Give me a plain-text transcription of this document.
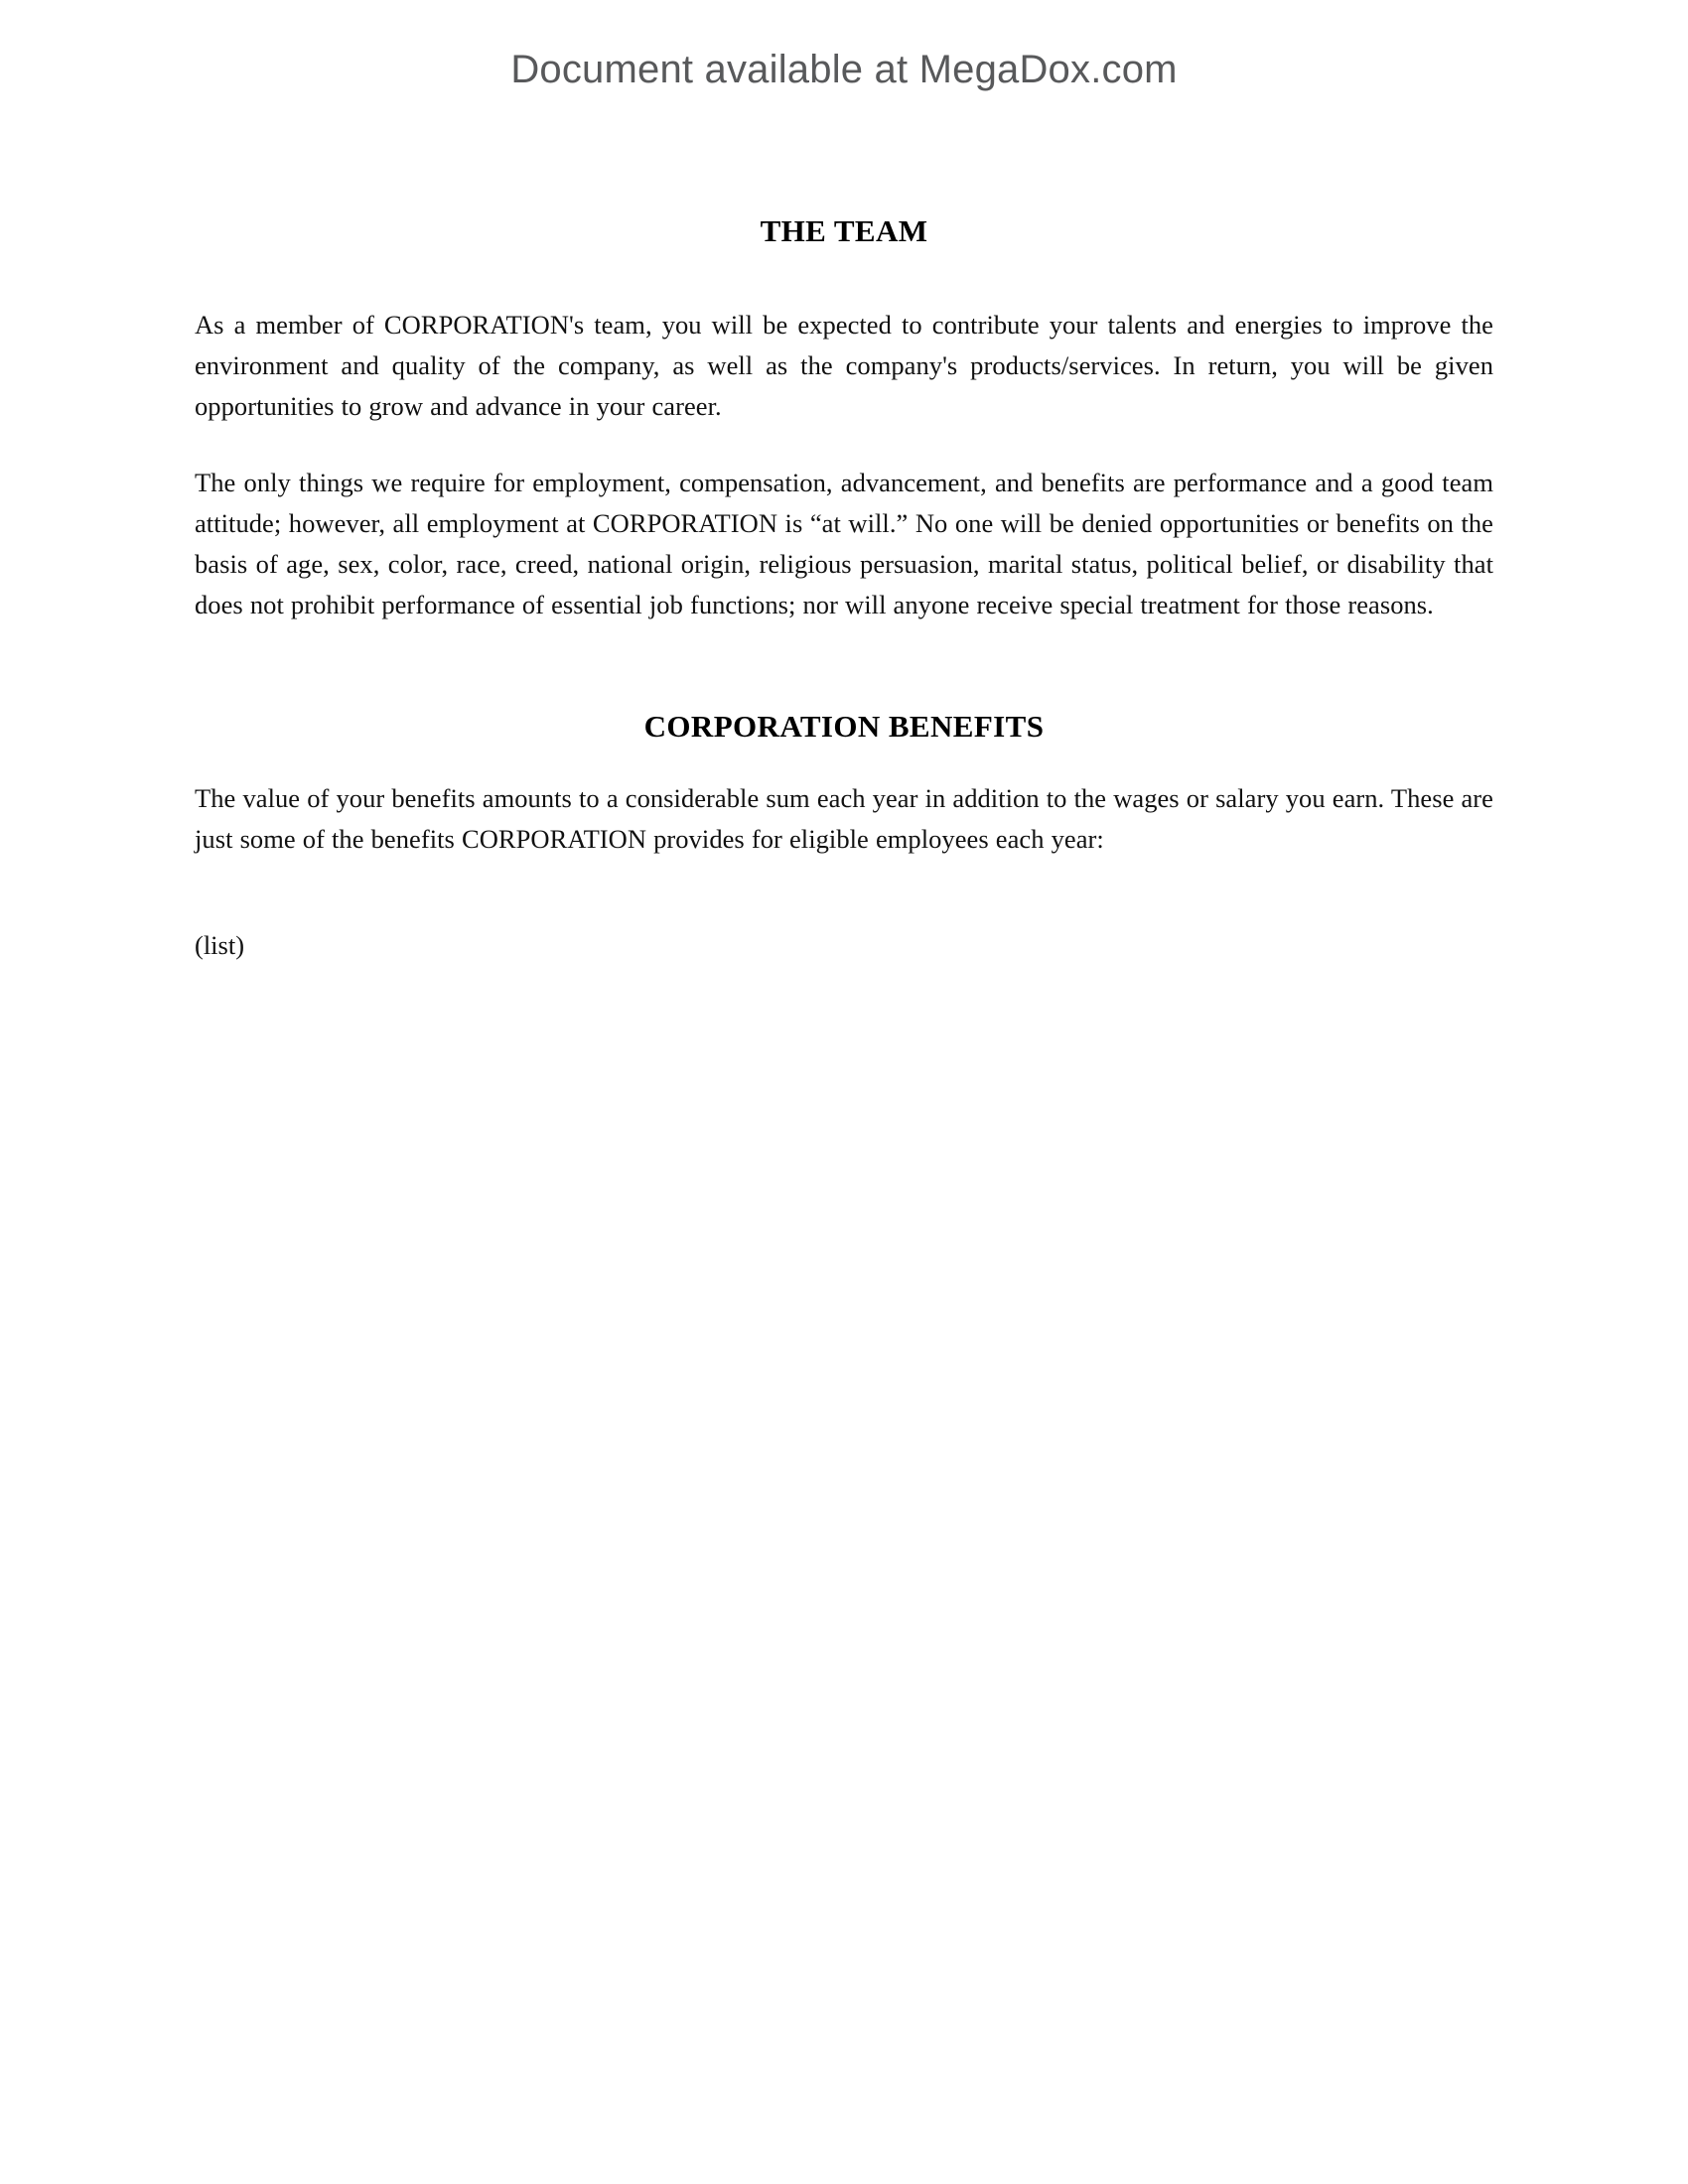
Document available at MegaDox.com
THE TEAM

As a member of CORPORATION's team, you will be expected to contribute your talents and energies to improve the environment and quality of the company, as well as the company's products/services. In return, you will be given opportunities to grow and advance in your career.

The only things we require for employment, compensation, advancement, and benefits are performance and a good team attitude; however, all employment at CORPORATION is “at will.” No one will be denied opportunities or benefits on the basis of age, sex, color, race, creed, national origin, religious persuasion, marital status, political belief, or disability that does not prohibit performance of essential job functions; nor will anyone receive special treatment for those reasons.

CORPORATION BENEFITS

The value of your benefits amounts to a considerable sum each year in addition to the wages or salary you earn. These are just some of the benefits CORPORATION provides for eligible employees each year:

(list)
